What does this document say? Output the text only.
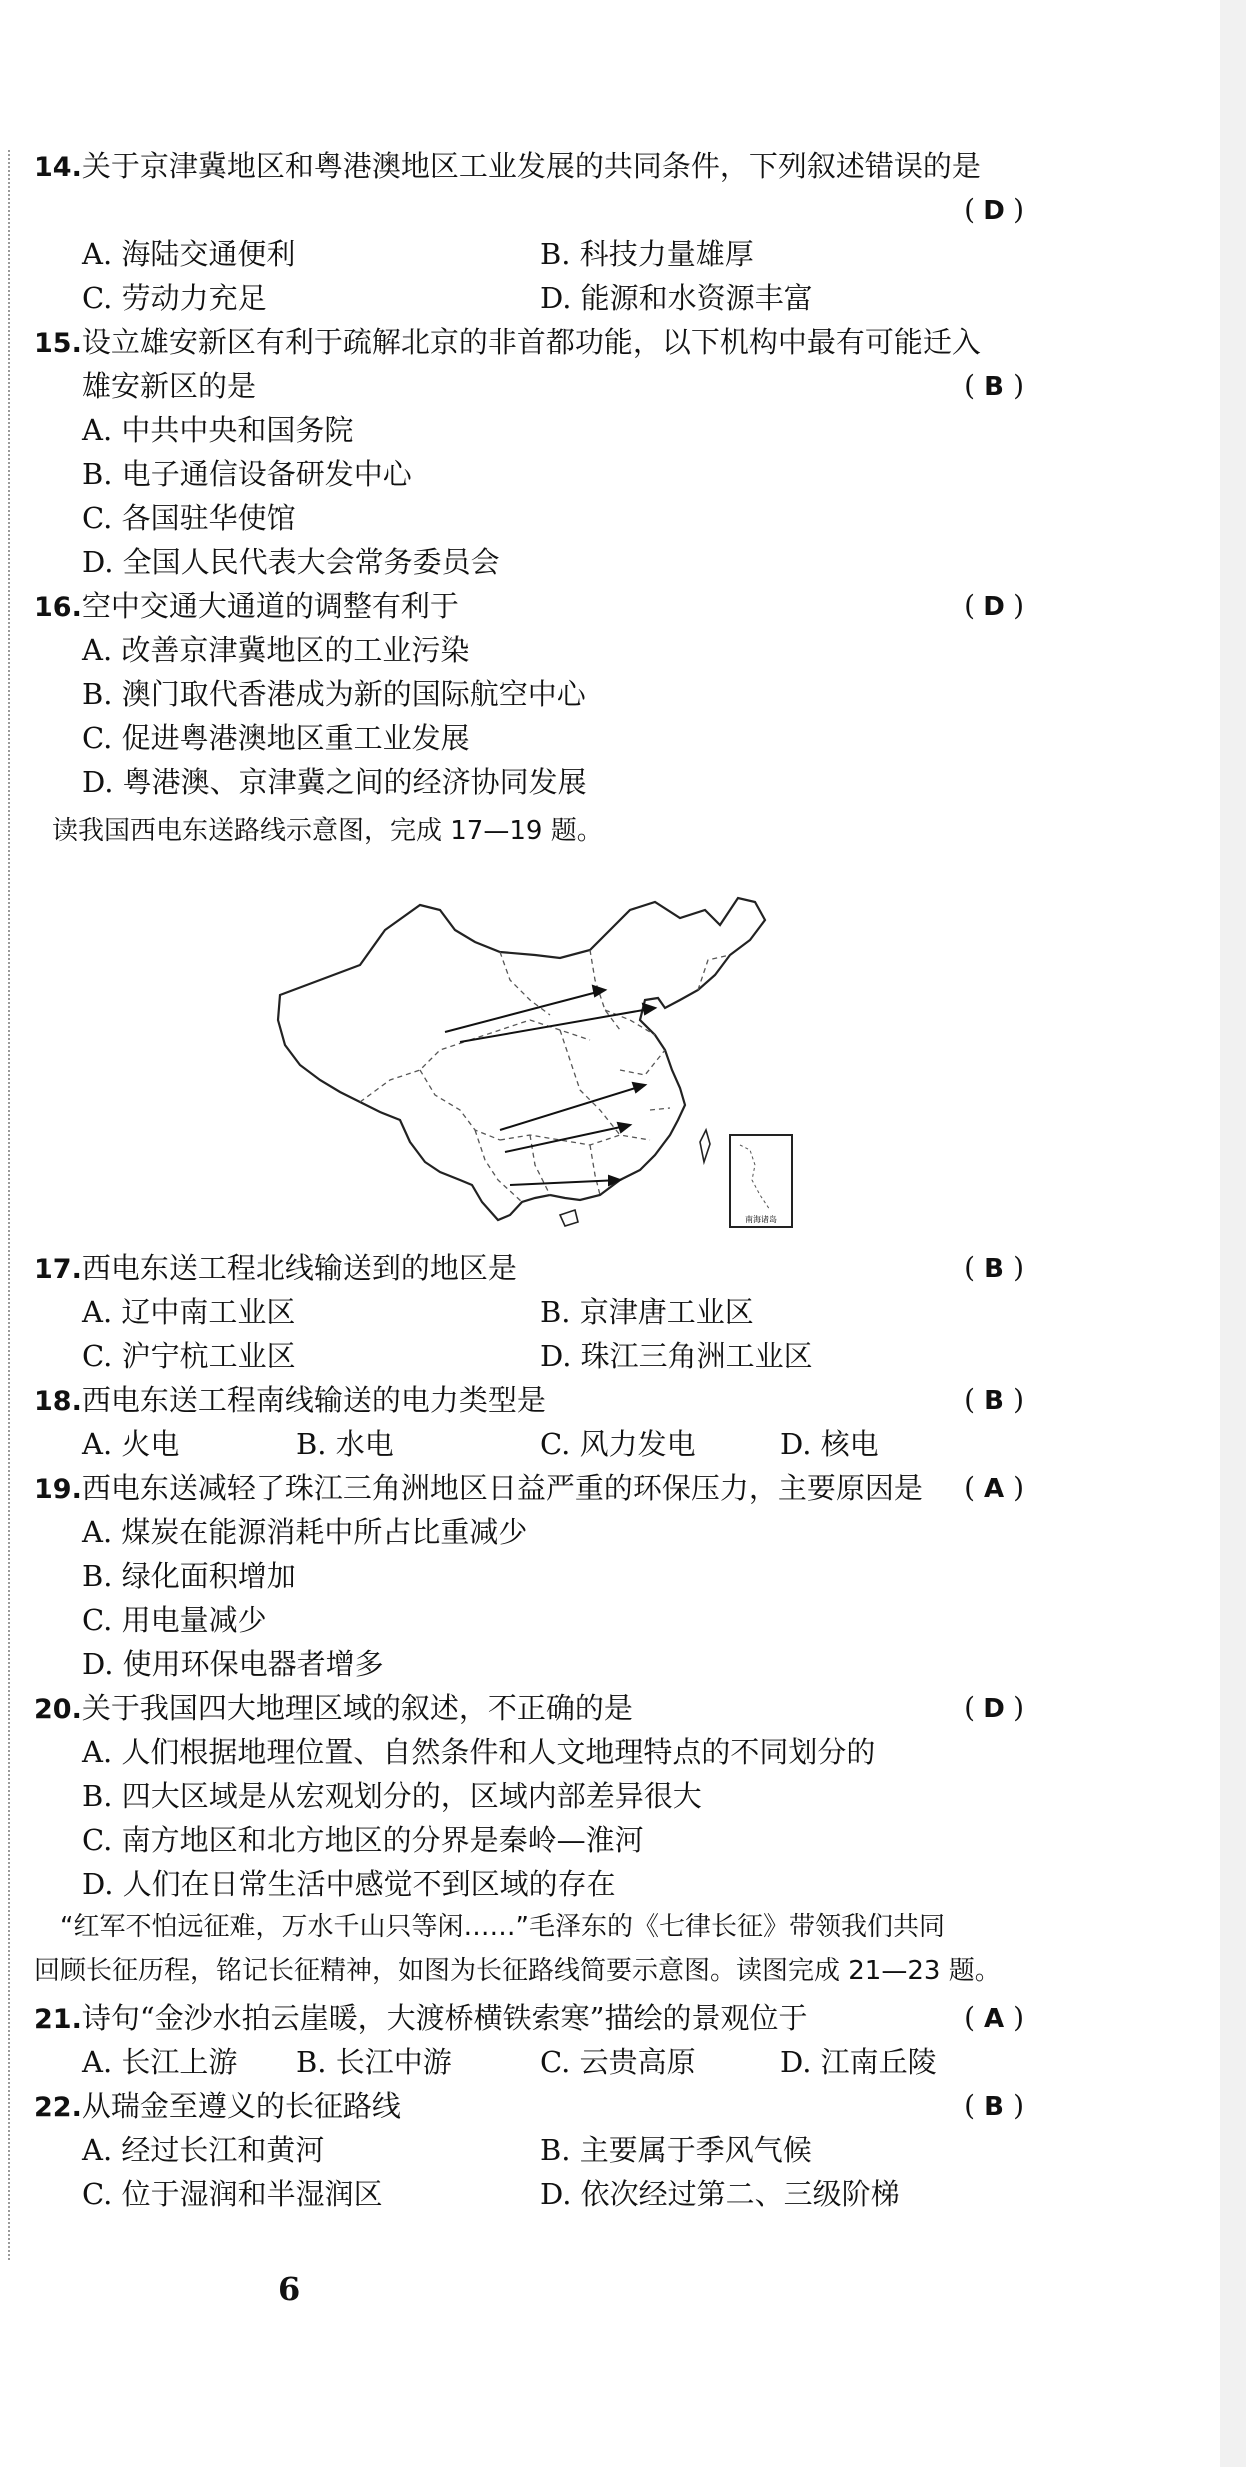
14.关于京津冀地区和粤港澳地区工业发展的共同条件，下列叙述错误的是
( D )
A. 海陆交通便利	B. 科技力量雄厚
C. 劳动力充足	D. 能源和水资源丰富
15.设立雄安新区有利于疏解北京的非首都功能，以下机构中最有可能迁入
雄安新区的是	( B )
A. 中共中央和国务院
B. 电子通信设备研发中心
C. 各国驻华使馆
D. 全国人民代表大会常务委员会
16.空中交通大通道的调整有利于	( D )
A. 改善京津冀地区的工业污染
B. 澳门取代香港成为新的国际航空中心
C. 促进粤港澳地区重工业发展
D. 粤港澳、京津冀之间的经济协同发展
读我国西电东送路线示意图，完成 17—19 题。
南海诸岛
17.西电东送工程北线输送到的地区是	( B )
A. 辽中南工业区	B. 京津唐工业区
C. 沪宁杭工业区	D. 珠江三角洲工业区
18.西电东送工程南线输送的电力类型是	( B )
A. 火电	B. 水电	C. 风力发电	D. 核电
19.西电东送减轻了珠江三角洲地区日益严重的环保压力，主要原因是	( A )
A. 煤炭在能源消耗中所占比重减少
B. 绿化面积增加
C. 用电量减少
D. 使用环保电器者增多
20.关于我国四大地理区域的叙述，不正确的是	( D )
A. 人们根据地理位置、自然条件和人文地理特点的不同划分的
B. 四大区域是从宏观划分的，区域内部差异很大
C. 南方地区和北方地区的分界是秦岭—淮河
D. 人们在日常生活中感觉不到区域的存在
“红军不怕远征难，万水千山只等闲……”毛泽东的《七律长征》带领我们共同
回顾长征历程，铭记长征精神，如图为长征路线简要示意图。读图完成 21—23 题。
21.诗句“金沙水拍云崖暖，大渡桥横铁索寒”描绘的景观位于	( A )
A. 长江上游 B. 长江中游	C. 云贵高原	D. 江南丘陵
22.从瑞金至遵义的长征路线	( B )
A. 经过长江和黄河	B. 主要属于季风气候
C. 位于湿润和半湿润区	D. 依次经过第二、三级阶梯
6
